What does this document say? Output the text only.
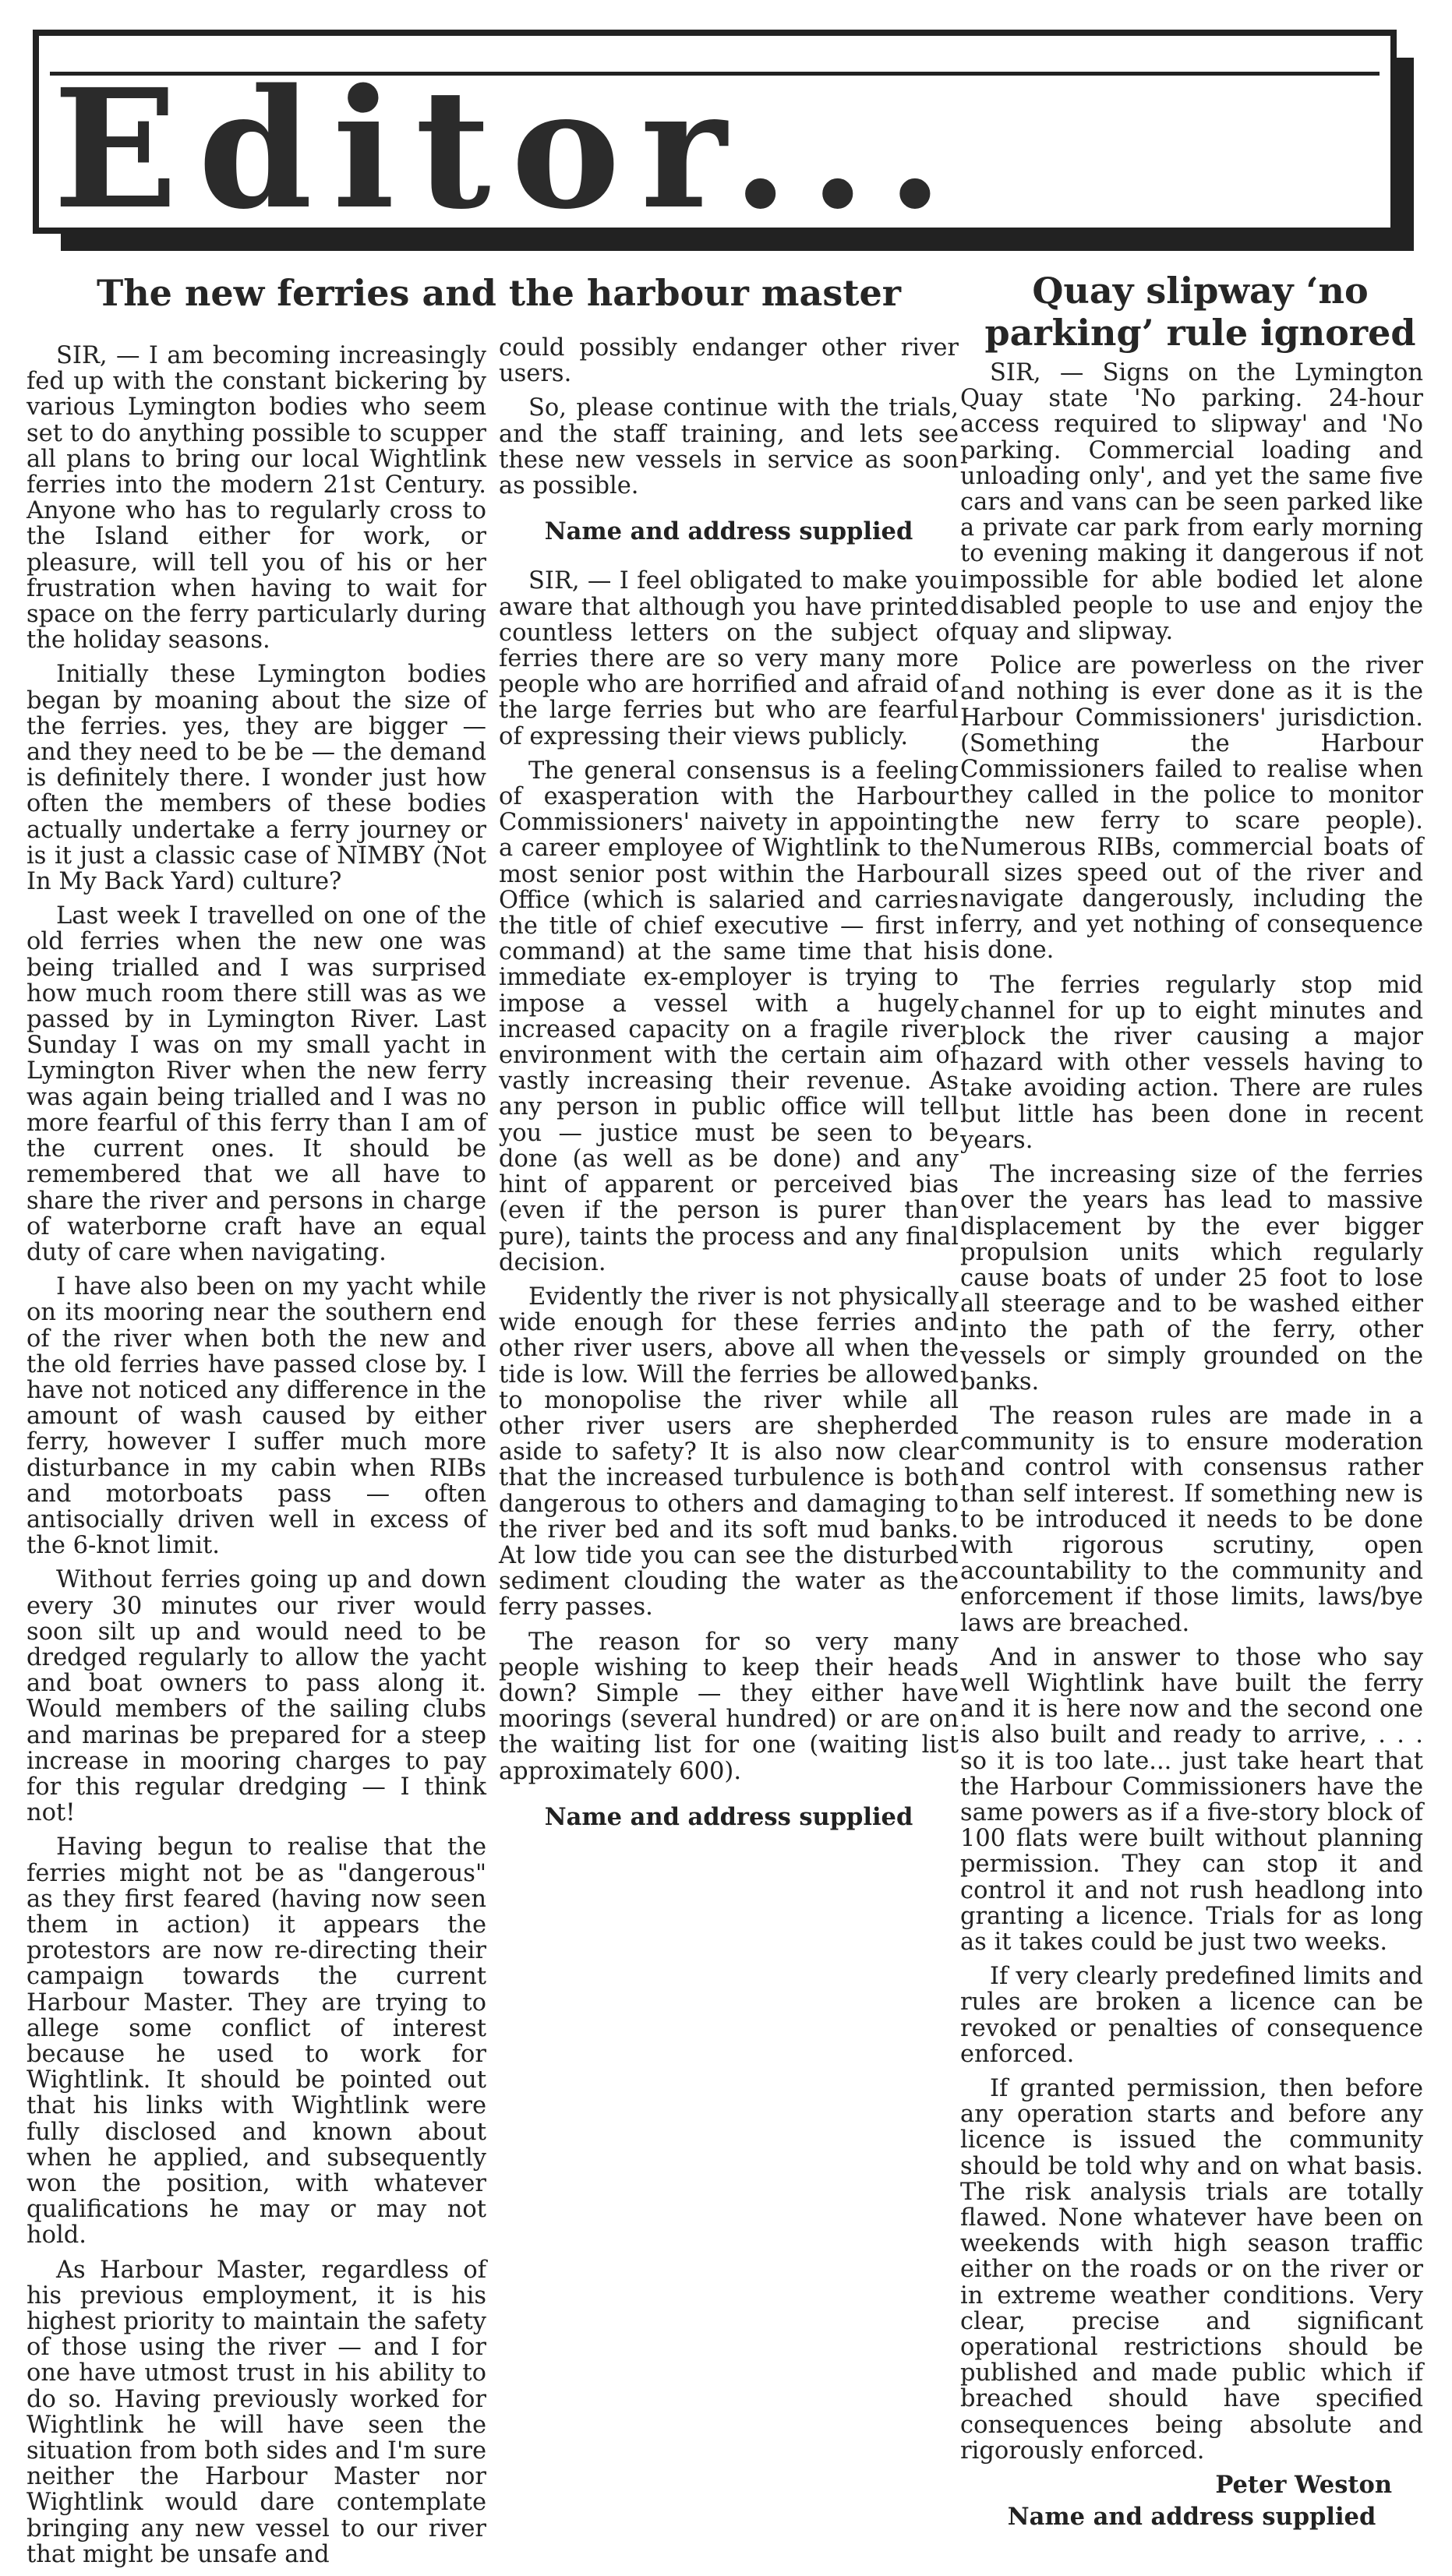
Editor...
The new ferries and the harbour master	Quay slipway ‘no parking’ rule ignored

SIR, — I am becoming increasingly fed up with the constant bickering by various Lymington bodies who seem set to do anything possible to scupper all plans to bring our local Wightlink ferries into the modern 21st Century. Anyone who has to regularly cross to the Island either for work, or pleasure, will tell you of his or her frustration when having to wait for space on the ferry particularly during the holiday seasons.

Initially these Lymington bodies began by moaning about the size of the ferries. yes, they are bigger — and they need to be be — the demand is definitely there. I wonder just how often the members of these bodies actually undertake a ferry journey or is it just a classic case of NIMBY (Not In My Back Yard) culture?

Last week I travelled on one of the old ferries when the new one was being trialled and I was surprised how much room there still was as we passed by in Lymington River. Last Sunday I was on my small yacht in Lymington River when the new ferry was again being trialled and I was no more fearful of this ferry than I am of the current ones. It should be remembered that we all have to share the river and persons in charge of waterborne craft have an equal duty of care when navigating.

I have also been on my yacht while on its mooring near the southern end of the river when both the new and the old ferries have passed close by. I have not noticed any difference in the amount of wash caused by either ferry, however I suffer much more disturbance in my cabin when RIBs and motorboats pass — often antisocially driven well in excess of the 6-knot limit.

Without ferries going up and down every 30 minutes our river would soon silt up and would need to be dredged regularly to allow the yacht and boat owners to pass along it. Would members of the sailing clubs and marinas be prepared for a steep increase in mooring charges to pay for this regular dredging — I think not!

Having begun to realise that the ferries might not be as "dangerous" as they first feared (having now seen them in action) it appears the protestors are now re-directing their campaign towards the current Harbour Master. They are trying to allege some conflict of interest because he used to work for Wightlink. It should be pointed out that his links with Wightlink were fully disclosed and known about when he applied, and subsequently won the position, with whatever qualifications he may or may not hold.

As Harbour Master, regardless of his previous employment, it is his highest priority to maintain the safety of those using the river — and I for one have utmost trust in his ability to do so. Having previously worked for Wightlink he will have seen the situation from both sides and I'm sure neither the Harbour Master nor Wightlink would dare contemplate bringing any new vessel to our river that might be unsafe and

could possibly endanger other river users.

So, please continue with the trials, and the staff training, and lets see these new vessels in service as soon as possible.

Name and address supplied

SIR, — I feel obligated to make you aware that although you have printed countless letters on the subject of ferries there are so very many more people who are horrified and afraid of the large ferries but who are fearful of expressing their views publicly.

The general consensus is a feeling of exasperation with the Harbour Commissioners' naivety in appointing a career employee of Wightlink to the most senior post within the Harbour Office (which is salaried and carries the title of chief executive — first in command) at the same time that his immediate ex-employer is trying to impose a vessel with a hugely increased capacity on a fragile river environment with the certain aim of vastly increasing their revenue. As any person in public office will tell you — justice must be seen to be done (as well as be done) and any hint of apparent or perceived bias (even if the person is purer than pure), taints the process and any final decision.

Evidently the river is not physically wide enough for these ferries and other river users, above all when the tide is low. Will the ferries be allowed to monopolise the river while all other river users are shepherded aside to safety? It is also now clear that the increased turbulence is both dangerous to others and damaging to the river bed and its soft mud banks. At low tide you can see the disturbed sediment clouding the water as the ferry passes.

The reason for so very many people wishing to keep their heads down? Simple — they either have moorings (several hundred) or are on the waiting list for one (waiting list approximately 600).

Name and address supplied

SIR, — Signs on the Lymington Quay state 'No parking. 24-hour access required to slipway' and 'No parking. Commercial loading and unloading only', and yet the same five cars and vans can be seen parked like a private car park from early morning to evening making it dangerous if not impossible for able bodied let alone disabled people to use and enjoy the quay and slipway.

Police are powerless on the river and nothing is ever done as it is the Harbour Commissioners' jurisdiction. (Something the Harbour Commissioners failed to realise when they called in the police to monitor the new ferry to scare people). Numerous RIBs, commercial boats of all sizes speed out of the river and navigate dangerously, including the ferry, and yet nothing of consequence is done.

The ferries regularly stop mid channel for up to eight minutes and block the river causing a major hazard with other vessels having to take avoiding action. There are rules but little has been done in recent years.

The increasing size of the ferries over the years has lead to massive displacement by the ever bigger propulsion units which regularly cause boats of under 25 foot to lose all steerage and to be washed either into the path of the ferry, other vessels or simply grounded on the banks.

The reason rules are made in a community is to ensure moderation and control with consensus rather than self interest. If something new is to be introduced it needs to be done with rigorous scrutiny, open accountability to the community and enforcement if those limits, laws/bye laws are breached.

And in answer to those who say well Wightlink have built the ferry and it is here now and the second one is also built and ready to arrive, . . . so it is too late... just take heart that the Harbour Commissioners have the same powers as if a five-story block of 100 flats were built without planning permission. They can stop it and control it and not rush headlong into granting a licence. Trials for as long as it takes could be just two weeks.

If very clearly predefined limits and rules are broken a licence can be revoked or penalties of consequence enforced.

If granted permission, then before any operation starts and before any licence is issued the community should be told why and on what basis. The risk analysis trials are totally flawed. None whatever have been on weekends with high season traffic either on the roads or on the river or in extreme weather conditions. Very clear, precise and significant operational restrictions should be published and made public which if breached should have specified consequences being absolute and rigorously enforced.

Peter Weston

Name and address supplied
